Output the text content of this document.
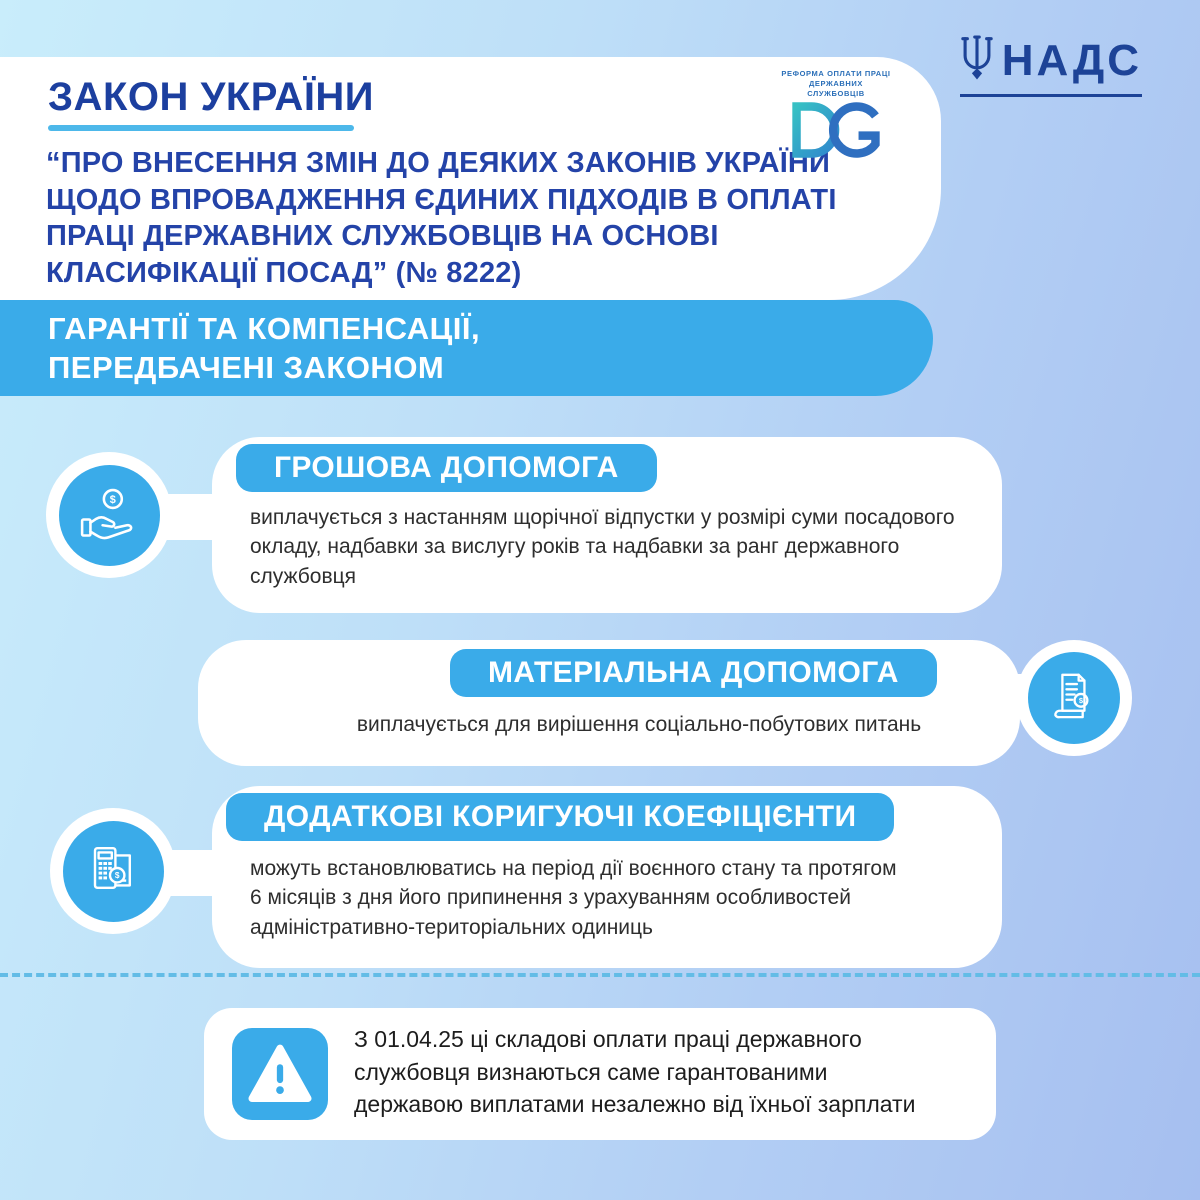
НАДС
ЗАКОН УКРАЇНИ
“ПРО ВНЕСЕННЯ ЗМІН ДО ДЕЯКИХ ЗАКОНІВ УКРАЇНИ
ЩОДО ВПРОВАДЖЕННЯ ЄДИНИХ ПІДХОДІВ В ОПЛАТІ
ПРАЦІ ДЕРЖАВНИХ СЛУЖБОВЦІВ НА ОСНОВІ
КЛАСИФІКАЦІЇ ПОСАД” (№ 8222)
РЕФОРМА ОПЛАТИ ПРАЦІ
ДЕРЖАВНИХ СЛУЖБОВЦІВ
ГАРАНТІЇ ТА КОМПЕНСАЦІЇ,
ПЕРЕДБАЧЕНІ ЗАКОНОМ
ГРОШОВА ДОПОМОГА
виплачується з настанням щорічної відпустки у розмірі суми посадового
окладу, надбавки за вислугу років та надбавки за ранг державного
службовця
$
МАТЕРІАЛЬНА ДОПОМОГА
виплачується для вирішення соціально-побутових питань
$
ДОДАТКОВІ КОРИГУЮЧІ КОЕФІЦІЄНТИ
можуть встановлюватись на період дії воєнного стану та протягом
6 місяців з дня його припинення з урахуванням особливостей
адміністративно-територіальних одиниць
$
З 01.04.25 ці складові оплати праці державного
службовця визнаються саме гарантованими
державою виплатами незалежно від їхньої зарплати
